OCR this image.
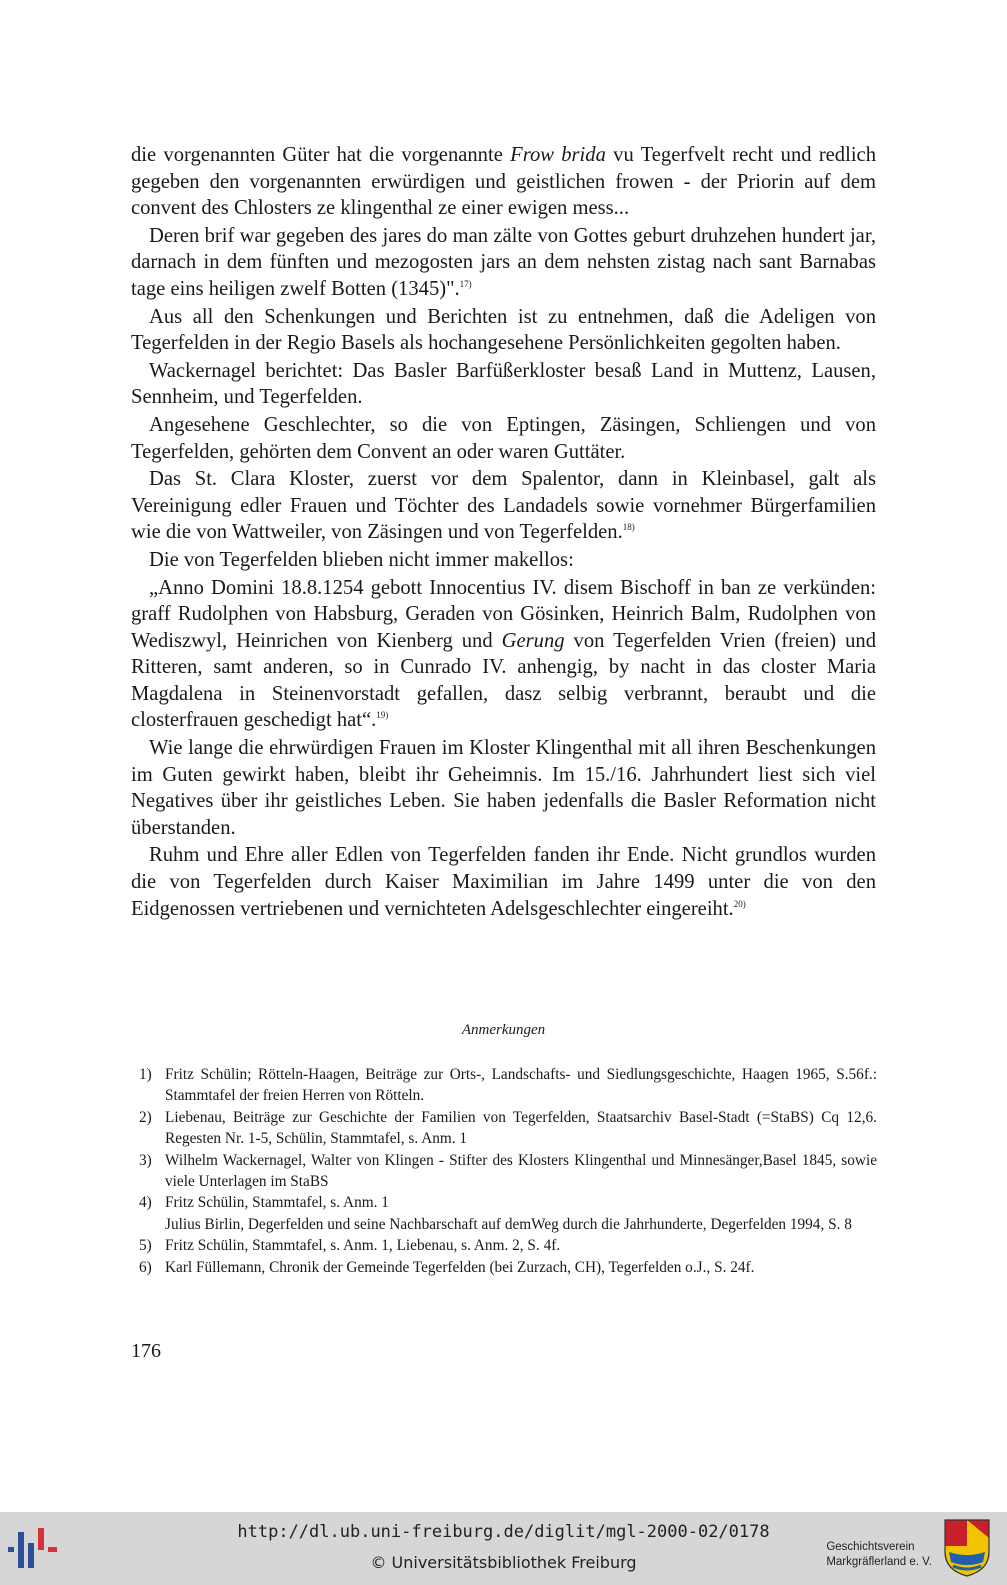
die vorgenannten Güter hat die vorgenannte Frow brida vu Tegerfvelt recht und redlich gegeben den vorgenannten erwürdigen und geistlichen frowen - der Priorin auf dem convent des Chlosters ze klingenthal ze einer ewigen mess...

Deren brif war gegeben des jares do man zälte von Gottes geburt druhzehen hundert jar, darnach in dem fünften und mezogosten jars an dem nehsten zistag nach sant Barnabas tage eins heiligen zwelf Botten (1345)".$^{17)}$

Aus all den Schenkungen und Berichten ist zu entnehmen, daß die Adeligen von Tegerfelden in der Regio Basels als hochangesehene Persönlichkeiten gegolten haben.

Wackernagel berichtet: Das Basler Barfüßerkloster besaß Land in Muttenz, Lausen, Sennheim, und Tegerfelden.

Angesehene Geschlechter, so die von Eptingen, Zäsingen, Schliengen und von Tegerfelden, gehörten dem Convent an oder waren Guttäter.

Das St. Clara Kloster, zuerst vor dem Spalentor, dann in Kleinbasel, galt als Vereinigung edler Frauen und Töchter des Landadels sowie vornehmer Bürgerfamilien wie die von Wattweiler, von Zäsingen und von Tegerfelden.$^{18)}$

Die von Tegerfelden blieben nicht immer makellos:

„Anno Domini 18.8.1254 gebott Innocentius IV. disem Bischoff in ban ze verkünden: graff Rudolphen von Habsburg, Geraden von Gösinken, Heinrich Balm, Rudolphen von Wediszwyl, Heinrichen von Kienberg und Gerung von Tegerfelden Vrien (freien) und Ritteren, samt anderen, so in Cunrado IV. anhengig, by nacht in das closter Maria Magdalena in Steinenvorstadt gefallen, dasz selbig verbrannt, beraubt und die closterfrauen geschedigt hat“.$^{19)}$

Wie lange die ehrwürdigen Frauen im Kloster Klingenthal mit all ihren Beschenkungen im Guten gewirkt haben, bleibt ihr Geheimnis. Im 15./16. Jahrhundert liest sich viel Negatives über ihr geistliches Leben. Sie haben jedenfalls die Basler Reformation nicht überstanden.

Ruhm und Ehre aller Edlen von Tegerfelden fanden ihr Ende. Nicht grundlos wurden die von Tegerfelden durch Kaiser Maximilian im Jahre 1499 unter die von den Eidgenossen vertriebenen und vernichteten Adelsgeschlechter eingereiht.$^{20)}$

Anmerkungen
1) Fritz Schülin; Rötteln-Haagen, Beiträge zur Orts-, Landschafts- und Siedlungsgeschichte, Haagen 1965, S.56f.: Stammtafel der freien Herren von Rötteln.
2) Liebenau, Beiträge zur Geschichte der Familien von Tegerfelden, Staatsarchiv Basel-Stadt (=StaBS) Cq 12,6. Regesten Nr. 1-5, Schülin, Stammtafel, s. Anm. 1
3) Wilhelm Wackernagel, Walter von Klingen - Stifter des Klosters Klingenthal und Minnesänger,Basel 1845, sowie viele Unterlagen im StaBS
4) Fritz Schülin, Stammtafel, s. Anm. 1
Julius Birlin, Degerfelden und seine Nachbarschaft auf demWeg durch die Jahrhunderte, Degerfelden 1994, S. 8
5) Fritz Schülin, Stammtafel, s. Anm. 1, Liebenau, s. Anm. 2, S. 4f.
6) Karl Füllemann, Chronik der Gemeinde Tegerfelden (bei Zurzach, CH), Tegerfelden o.J., S. 24f.
176
http://dl.ub.uni-freiburg.de/diglit/mgl-2000-02/0178
© Universitätsbibliothek Freiburg
Geschichtsverein
Markgräflerland e. V.
